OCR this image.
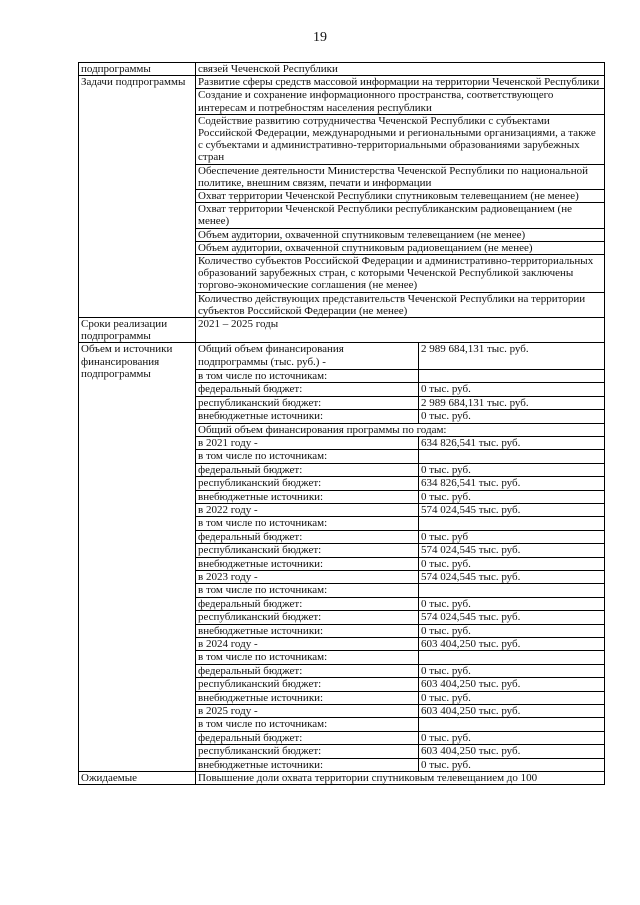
19
подпрограммы	связей Чеченской Республики
Задачи подпрограммы	Развитие сферы средств массовой информации на территории Чеченской Республики
Создание и сохранение информационного пространства, соответствующего интересам и потребностям населения республики
Содействие развитию сотрудничества Чеченской Республики с субъектами Российской Федерации, международными и региональными организациями, а также с субъектами и административно-территориальными образованиями зарубежных стран
Обеспечение деятельности Министерства Чеченской Республики по национальной политике, внешним связям, печати и информации
Охват территории Чеченской Республики спутниковым телевещанием (не менее)
Охват территории Чеченской Республики республиканским радиовещанием (не менее)
Объем аудитории, охваченной спутниковым телевещанием (не менее)
Объем аудитории, охваченной спутниковым радиовещанием (не менее)
Количество субъектов Российской Федерации и административно-территориальных образований зарубежных стран, с которыми Чеченской Республикой заключены торгово-экономические соглашения (не менее)
Количество действующих представительств Чеченской Республики на территории субъектов Российской Федерации (не менее)

Сроки реализации подпрограммы	2021 – 2025 годы
Объем и источники финансирования подпрограммы	
Общий объем финансирования подпрограммы (тыс. руб.) -	2 989 684,131 тыс. руб.
в том числе по источникам:	
федеральный бюджет:	0 тыс. руб.
республиканский бюджет:	2 989 684,131 тыс. руб.
внебюджетные источники:	0 тыс. руб.
Общий объем финансирования программы по годам:
в 2021 году -	634 826,541 тыс. руб.
в том числе по источникам:	
федеральный бюджет:	0 тыс. руб.
республиканский бюджет:	634 826,541 тыс. руб.
внебюджетные источники:	0 тыс. руб.
в 2022 году -	574 024,545 тыс. руб.
в том числе по источникам:	
федеральный бюджет:	0 тыс. руб
республиканский бюджет:	574 024,545 тыс. руб.
внебюджетные источники:	0 тыс. руб.
в 2023 году -	574 024,545 тыс. руб.
в том числе по источникам:	
федеральный бюджет:	0 тыс. руб.
республиканский бюджет:	574 024,545 тыс. руб.
внебюджетные источники:	0 тыс. руб.
в 2024 году -	603 404,250 тыс. руб.
в том числе по источникам:	
федеральный бюджет:	0 тыс. руб.
республиканский бюджет:	603 404,250 тыс. руб.
внебюджетные источники:	0 тыс. руб.
в 2025 году -	603 404,250 тыс. руб.
в том числе по источникам:	
федеральный бюджет:	0 тыс. руб.
республиканский бюджет:	603 404,250 тыс. руб.
внебюджетные источники:	0 тыс. руб.

Ожидаемые	Повышение доли охвата территории спутниковым телевещанием до 100
